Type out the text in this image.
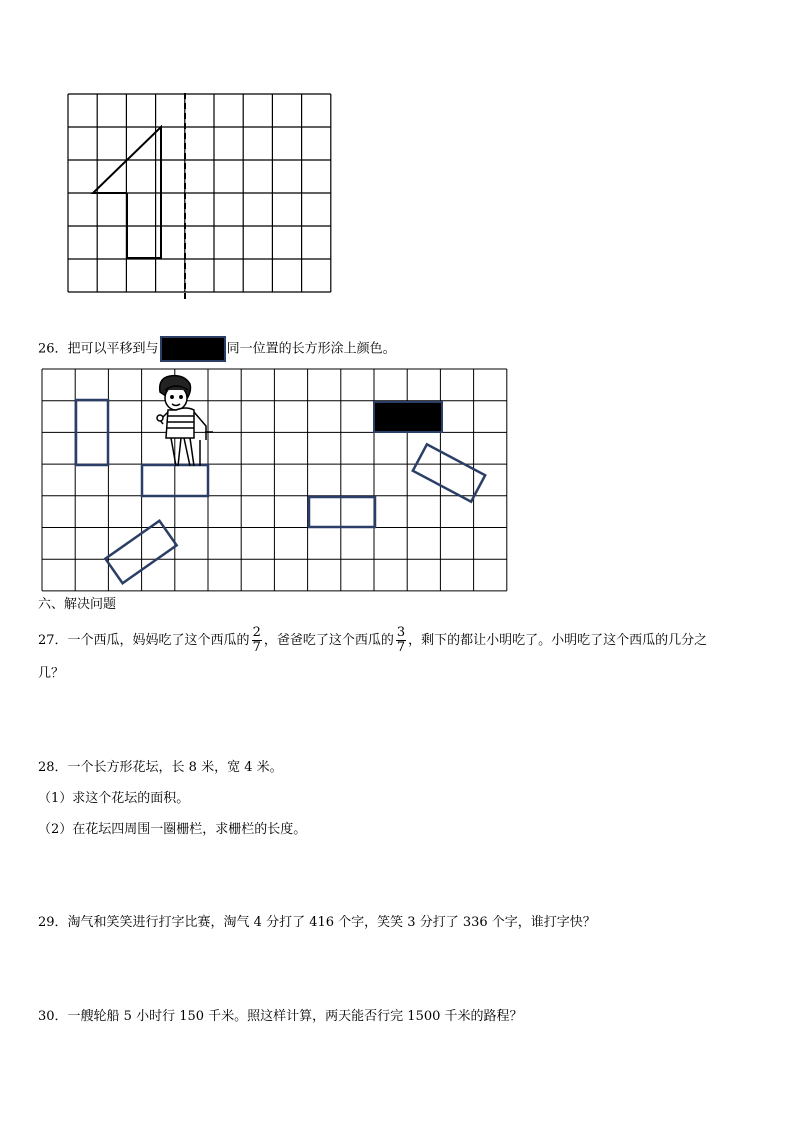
26．把可以平移到与	同一位置的长方形涂上颜色。
六、解决问题
27．一个西瓜，妈妈吃了这个西瓜的 $\frac{2}{7}$ ，爸爸吃了这个西瓜的 $\frac{3}{7}$ ，剩下的都让小明吃了。小明吃了这个西瓜的几分之
几？
28．一个长方形花坛，长 8 米，宽 4 米。
（1）求这个花坛的面积。
（2）在花坛四周围一圈栅栏，求栅栏的长度。
29．淘气和笑笑进行打字比赛，淘气 4 分打了 416 个字，笑笑 3 分打了 336 个字，谁打字快？
30．一艘轮船 5 小时行 150 千米。照这样计算，两天能否行完 1500 千米的路程？
